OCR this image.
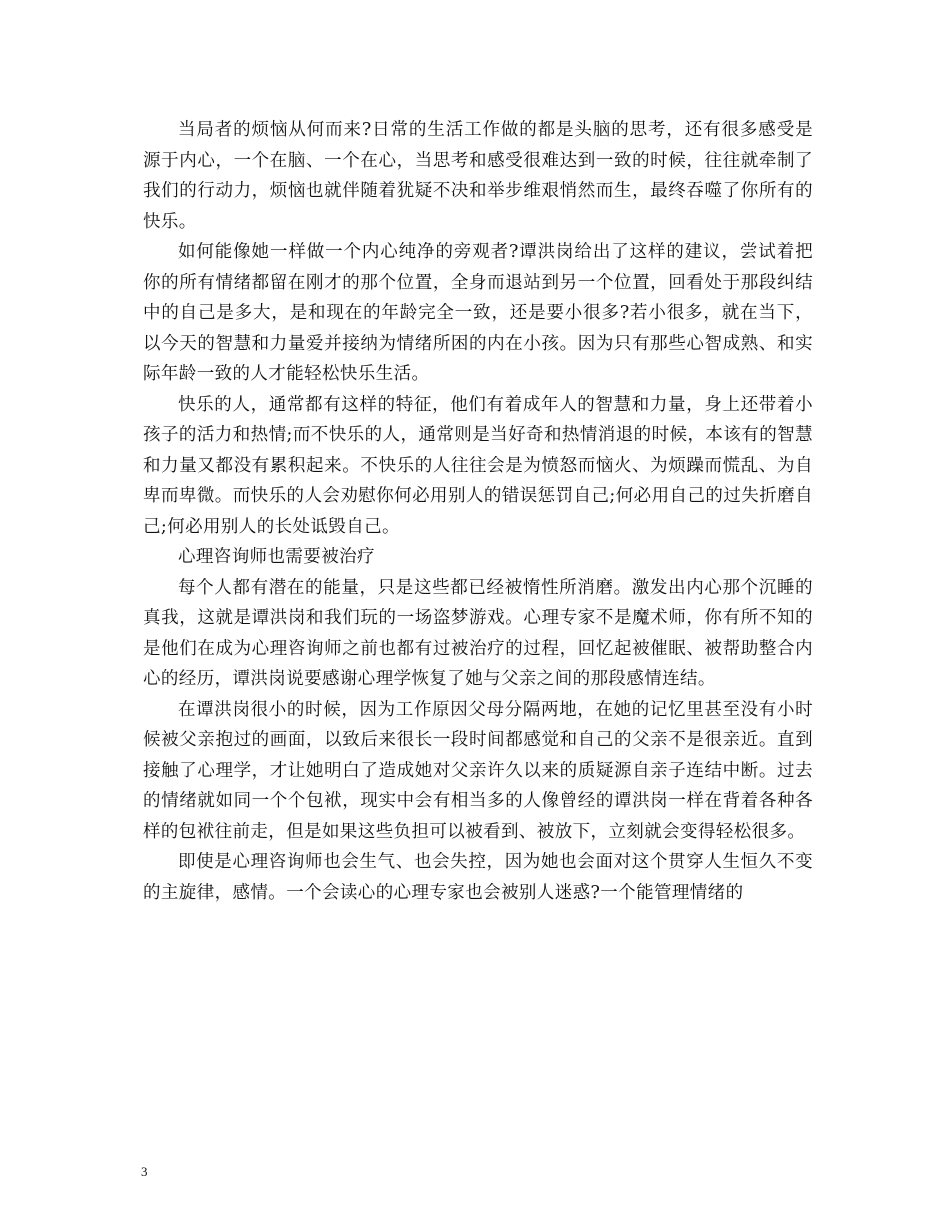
当局者的烦恼从何而来?日常的生活工作做的都是头脑的思考，还有很多感受是源于内心，一个在脑、一个在心，当思考和感受很难达到一致的时候，往往就牵制了我们的行动力，烦恼也就伴随着犹疑不决和举步维艰悄然而生，最终吞噬了你所有的快乐。

如何能像她一样做一个内心纯净的旁观者?谭洪岗给出了这样的建议，尝试着把你的所有情绪都留在刚才的那个位置，全身而退站到另一个位置，回看处于那段纠结中的自己是多大，是和现在的年龄完全一致，还是要小很多?若小很多，就在当下，以今天的智慧和力量爱并接纳为情绪所困的内在小孩。因为只有那些心智成熟、和实际年龄一致的人才能轻松快乐生活。

快乐的人，通常都有这样的特征，他们有着成年人的智慧和力量，身上还带着小孩子的活力和热情;而不快乐的人，通常则是当好奇和热情消退的时候，本该有的智慧和力量又都没有累积起来。不快乐的人往往会是为愤怒而恼火、为烦躁而慌乱、为自卑而卑微。而快乐的人会劝慰你何必用别人的错误惩罚自己;何必用自己的过失折磨自己;何必用别人的长处诋毁自己。

心理咨询师也需要被治疗

每个人都有潜在的能量，只是这些都已经被惰性所消磨。激发出内心那个沉睡的真我，这就是谭洪岗和我们玩的一场盗梦游戏。心理专家不是魔术师，你有所不知的是他们在成为心理咨询师之前也都有过被治疗的过程，回忆起被催眠、被帮助整合内心的经历，谭洪岗说要感谢心理学恢复了她与父亲之间的那段感情连结。

在谭洪岗很小的时候，因为工作原因父母分隔两地，在她的记忆里甚至没有小时候被父亲抱过的画面，以致后来很长一段时间都感觉和自己的父亲不是很亲近。直到接触了心理学，才让她明白了造成她对父亲许久以来的质疑源自亲子连结中断。过去的情绪就如同一个个包袱，现实中会有相当多的人像曾经的谭洪岗一样在背着各种各样的包袱往前走，但是如果这些负担可以被看到、被放下，立刻就会变得轻松很多。

即使是心理咨询师也会生气、也会失控，因为她也会面对这个贯穿人生恒久不变的主旋律，感情。一个会读心的心理专家也会被别人迷惑?一个能管理情绪的

3
